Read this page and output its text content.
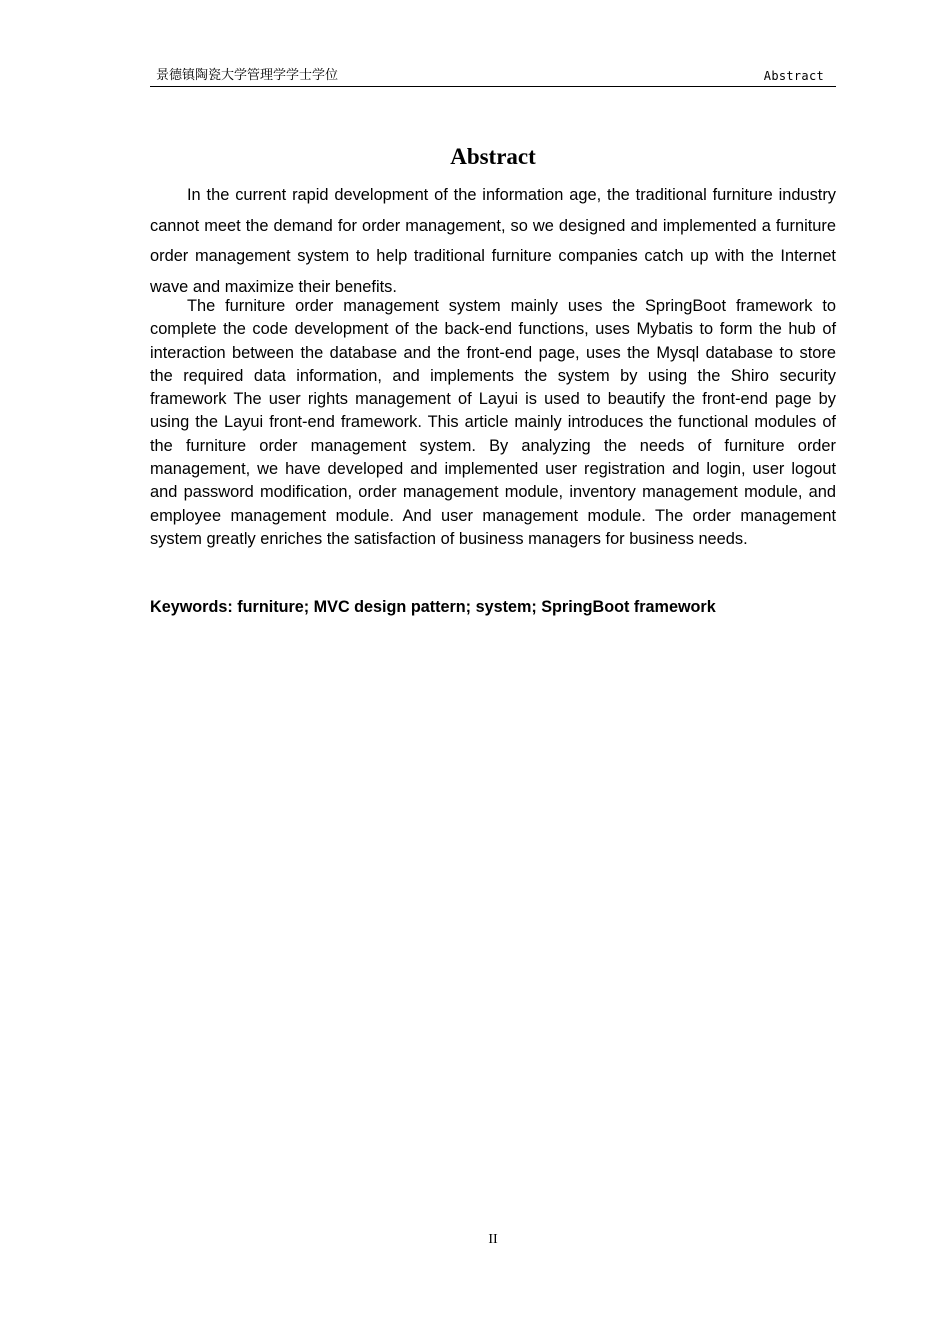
景德镇陶瓷大学管理学学士学位	Abstract
Abstract

In the current rapid development of the information age, the traditional furniture industry cannot meet the demand for order management, so we designed and implemented a furniture order management system to help traditional furniture companies catch up with the Internet wave and maximize their benefits.

The furniture order management system mainly uses the SpringBoot framework to complete the code development of the back-end functions, uses Mybatis to form the hub of interaction between the database and the front-end page, uses the Mysql database to store the required data information, and implements the system by using the Shiro security framework The user rights management of Layui is used to beautify the front-end page by using the Layui front-end framework. This article mainly introduces the functional modules of the furniture order management system. By analyzing the needs of furniture order management, we have developed and implemented user registration and login, user logout and password modification, order management module, inventory management module, and employee management module. And user management module. The order management system greatly enriches the satisfaction of business managers for business needs.

Keywords: furniture; MVC design pattern; system; SpringBoot framework
II
